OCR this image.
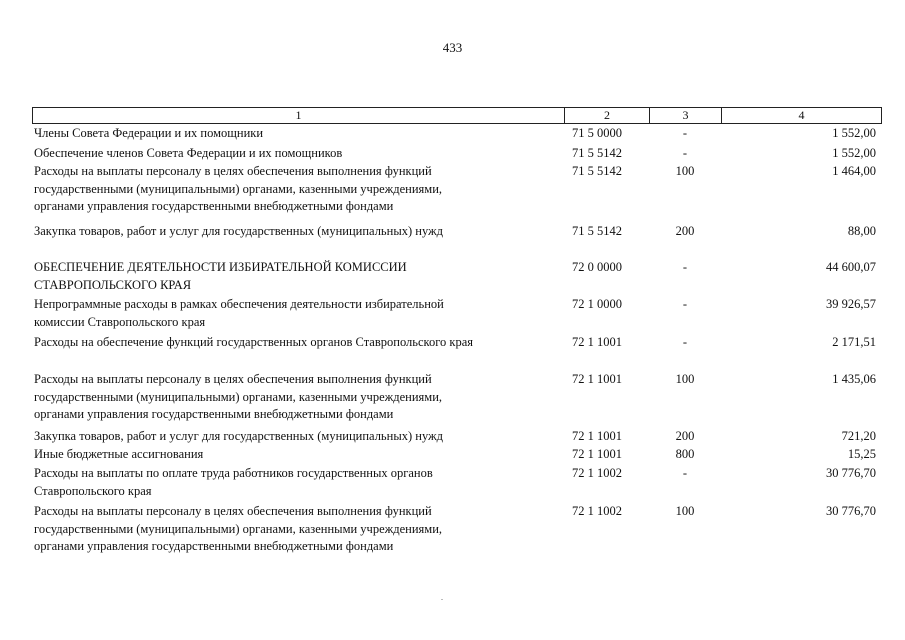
433
1	2	3	4
Члены Совета Федерации и их помощники	71 5 0000	-	1 552,00
Обеспечение членов Совета Федерации и их помощников	71 5 5142	-	1 552,00
Расходы на выплаты персоналу в целях обеспечения выполнения функций
государственными (муниципальными) органами, казенными учреждениями,
органами управления государственными внебюджетными фондами
71 5 5142	100	1 464,00
Закупка товаров, работ и услуг для государственных (муниципальных) нужд	71 5 5142	200	88,00
ОБЕСПЕЧЕНИЕ ДЕЯТЕЛЬНОСТИ ИЗБИРАТЕЛЬНОЙ КОМИССИИ
СТАВРОПОЛЬСКОГО КРАЯ
72 0 0000	-	44 600,07
Непрограммные расходы в рамках обеспечения деятельности избирательной
комиссии Ставропольского края
72 1 0000	-	39 926,57
Расходы на обеспечение функций государственных органов Ставропольского края	72 1 1001	-	2 171,51
Расходы на выплаты персоналу в целях обеспечения выполнения функций
государственными (муниципальными) органами, казенными учреждениями,
органами управления государственными внебюджетными фондами
72 1 1001	100	1 435,06
Закупка товаров, работ и услуг для государственных (муниципальных) нужд	72 1 1001	200	721,20
Иные бюджетные ассигнования	72 1 1001	800	15,25
Расходы на выплаты по оплате труда работников государственных органов
Ставропольского края
72 1 1002	-	30 776,70
Расходы на выплаты персоналу в целях обеспечения выполнения функций
государственными (муниципальными) органами, казенными учреждениями,
органами управления государственными внебюджетными фондами
72 1 1002	100	30 776,70
